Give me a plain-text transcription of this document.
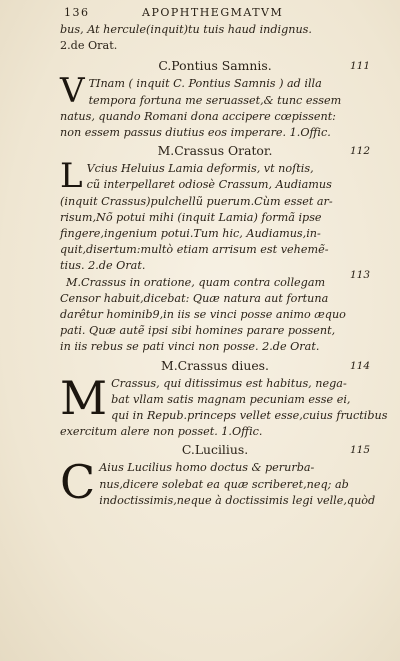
136	APOPHTHEGMATVM
bus, At hercule(inquit)tu tuis haud indignus.
2.de Orat.
C.Pontius Samnis.	111
V TInam ( inquit C. Pontius Samnis ) ad illa
tempora fortuna me seruasset,& tunc essem
natus, quando Romani dona accipere cœpissent:
non essem passus diutius eos imperare. 1.Offic.
M.Crassus Orator.	112
L Vcius Heluius Lamia deformis, vt noſtis,
cũ interpellaret odiosè Crassum, Audiamus
(inquit Crassus)pulchellũ puerum.Cùm esset ar-
risum,Nõ potui mihi (inquit Lamia) formã ipse
fingere,ingenium potui.Tum hic, Audiamus,in-
quit,disertum:multò etiam arrisum est vehemẽ-
tius. 2.de Orat.
113
M.Crassus in oratione, quam contra collegam
Censor habuit,dicebat: Quæ natura aut fortuna
darêtur hominib9,in iis se vinci posse animo æquo
pati. Quæ autẽ ipsi sibi homines parare possent,
in iis rebus se pati vinci non posse. 2.de Orat.
M.Crassus diues.	114
M Crassus, qui ditissimus est habitus, nega-
bat vllam satis magnam pecuniam esse ei,
qui in Repub.princeps vellet esse,cuius fructibus
exercitum alere non posset. 1.Offic.
C.Lucilius.	115
C Aius Lucilius homo doctus & perurba-
nus,dicere solebat ea quæ scriberet,neq; ab
indoctissimis,neque à doctissimis legi velle,quòd
